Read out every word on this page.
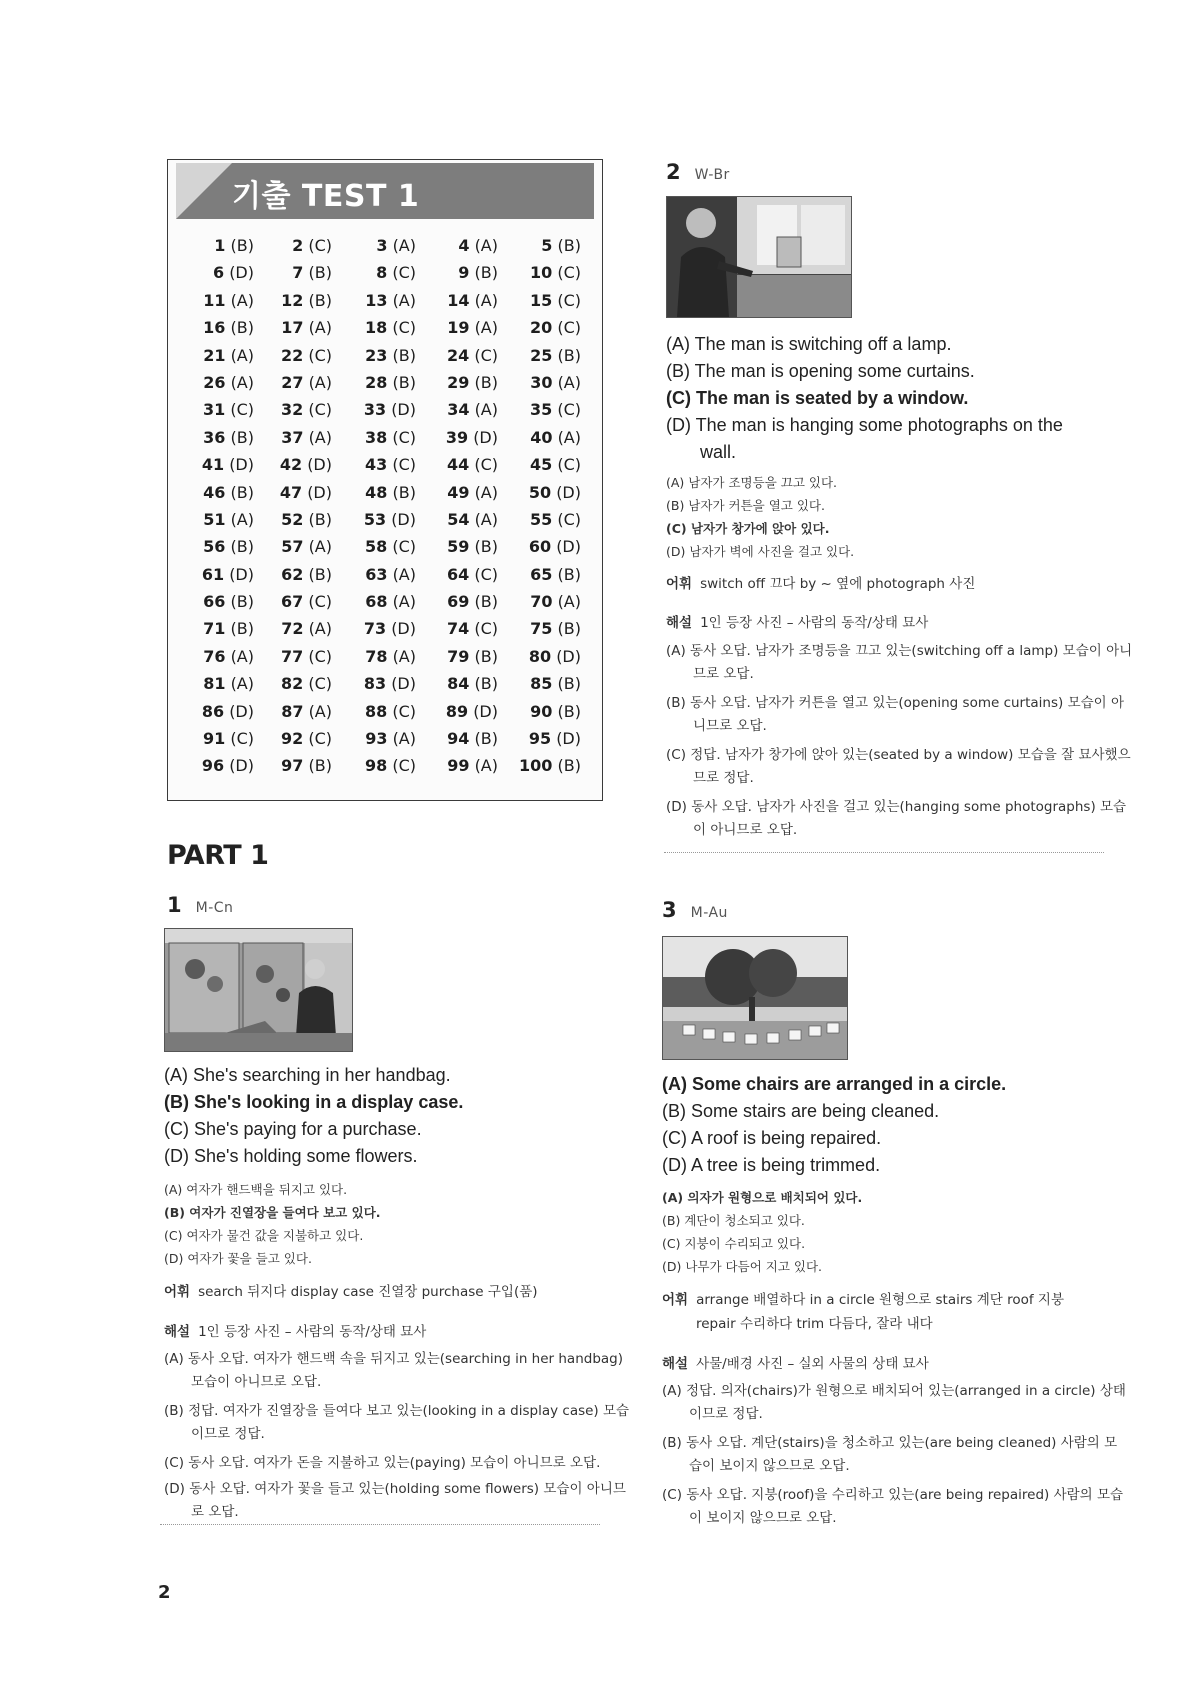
기출 TEST 1
1 (B)	2 (C)	3 (A)	4 (A)	5 (B)
6 (D)	7 (B)	8 (C)	9 (B)	10 (C)
11 (A)	12 (B)	13 (A)	14 (A)	15 (C)
16 (B)	17 (A)	18 (C)	19 (A)	20 (C)
21 (A)	22 (C)	23 (B)	24 (C)	25 (B)
26 (A)	27 (A)	28 (B)	29 (B)	30 (A)
31 (C)	32 (C)	33 (D)	34 (A)	35 (C)
36 (B)	37 (A)	38 (C)	39 (D)	40 (A)
41 (D)	42 (D)	43 (C)	44 (C)	45 (C)
46 (B)	47 (D)	48 (B)	49 (A)	50 (D)
51 (A)	52 (B)	53 (D)	54 (A)	55 (C)
56 (B)	57 (A)	58 (C)	59 (B)	60 (D)
61 (D)	62 (B)	63 (A)	64 (C)	65 (B)
66 (B)	67 (C)	68 (A)	69 (B)	70 (A)
71 (B)	72 (A)	73 (D)	74 (C)	75 (B)
76 (A)	77 (C)	78 (A)	79 (B)	80 (D)
81 (A)	82 (C)	83 (D)	84 (B)	85 (B)
86 (D)	87 (A)	88 (C)	89 (D)	90 (B)
91 (C)	92 (C)	93 (A)	94 (B)	95 (D)
96 (D)	97 (B)	98 (C)	99 (A)	100 (B)
2 W-Br
(A) The man is switching off a lamp.
(B) The man is opening some curtains.
(C) The man is seated by a window.
(D) The man is hanging some photographs on the
wall.
(A) 남자가 조명등을 끄고 있다.
(B) 남자가 커튼을 열고 있다.
(C) 남자가 창가에 앉아 있다.
(D) 남자가 벽에 사진을 걸고 있다.
어휘 switch off 끄다 by ~ 옆에 photograph 사진
해설 1인 등장 사진 – 사람의 동작/상태 묘사
(A) 동사 오답. 남자가 조명등을 끄고 있는(switching off a lamp) 모습이 아니므로 오답.
(B) 동사 오답. 남자가 커튼을 열고 있는(opening some curtains) 모습이 아니므로 오답.
(C) 정답. 남자가 창가에 앉아 있는(seated by a window) 모습을 잘 묘사했으므로 정답.
(D) 동사 오답. 남자가 사진을 걸고 있는(hanging some photographs) 모습이 아니므로 오답.
PART 1
1 M-Cn
(A) She's searching in her handbag.
(B) She's looking in a display case.
(C) She's paying for a purchase.
(D) She's holding some flowers.
(A) 여자가 핸드백을 뒤지고 있다.
(B) 여자가 진열장을 들여다 보고 있다.
(C) 여자가 물건 값을 지불하고 있다.
(D) 여자가 꽃을 들고 있다.
어휘 search 뒤지다 display case 진열장 purchase 구입(품)
해설 1인 등장 사진 – 사람의 동작/상태 묘사
(A) 동사 오답. 여자가 핸드백 속을 뒤지고 있는(searching in her handbag) 모습이 아니므로 오답.
(B) 정답. 여자가 진열장을 들여다 보고 있는(looking in a display case) 모습이므로 정답.
(C) 동사 오답. 여자가 돈을 지불하고 있는(paying) 모습이 아니므로 오답.
(D) 동사 오답. 여자가 꽃을 들고 있는(holding some flowers) 모습이 아니므로 오답.
3 M-Au
(A) Some chairs are arranged in a circle.
(B) Some stairs are being cleaned.
(C) A roof is being repaired.
(D) A tree is being trimmed.
(A) 의자가 원형으로 배치되어 있다.
(B) 계단이 청소되고 있다.
(C) 지붕이 수리되고 있다.
(D) 나무가 다듬어 지고 있다.
어휘 arrange 배열하다 in a circle 원형으로 stairs 계단 roof 지붕
repair 수리하다 trim 다듬다, 잘라 내다
해설 사물/배경 사진 – 실외 사물의 상태 묘사
(A) 정답. 의자(chairs)가 원형으로 배치되어 있는(arranged in a circle) 상태이므로 정답.
(B) 동사 오답. 계단(stairs)을 청소하고 있는(are being cleaned) 사람의 모습이 보이지 않으므로 오답.
(C) 동사 오답. 지붕(roof)을 수리하고 있는(are being repaired) 사람의 모습이 보이지 않으므로 오답.
2
